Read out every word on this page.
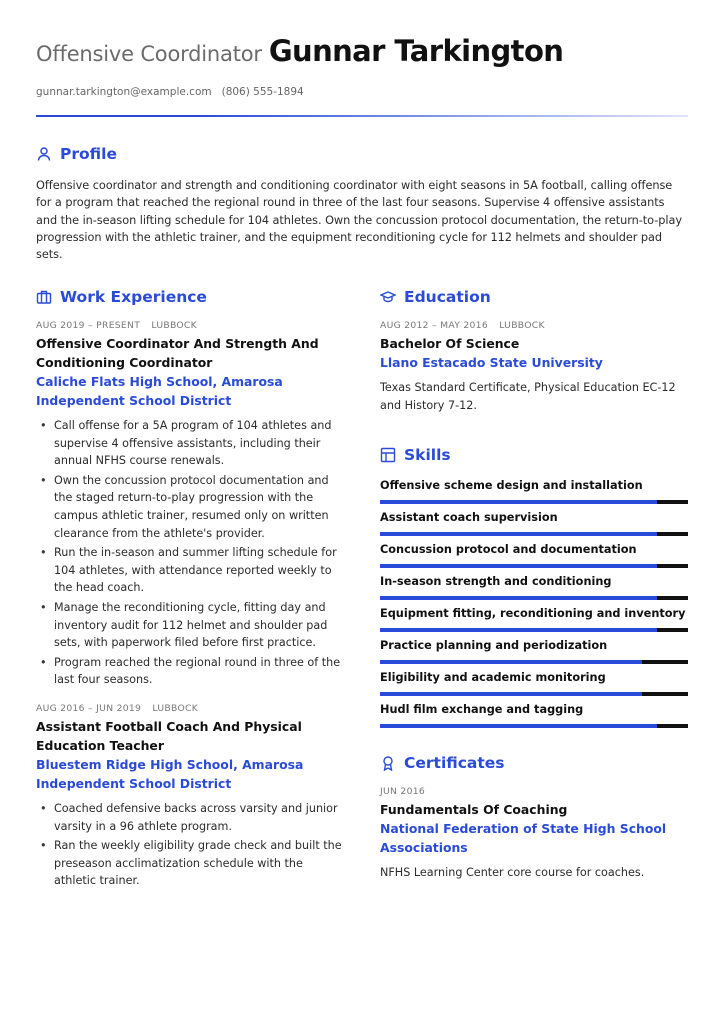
Offensive Coordinator Gunnar Tarkington
gunnar.tarkington@example.com (806) 555-1894
Profile

Offensive coordinator and strength and conditioning coordinator with eight seasons in 5A football, calling offense for a program that reached the regional round in three of the last four seasons. Supervise 4 offensive assistants and the in-season lifting schedule for 104 athletes. Own the concussion protocol documentation, the return-to-play progression with the athletic trainer, and the equipment reconditioning cycle for 112 helmets and shoulder pad sets.

Work Experience
AUG 2019 – PRESENT LUBBOCK
Offensive Coordinator And Strength And Conditioning Coordinator
Caliche Flats High School, Amarosa Independent School District
• Call offense for a 5A program of 104 athletes and supervise 4 offensive assistants, including their annual NFHS course renewals.
• Own the concussion protocol documentation and the staged return-to-play progression with the campus athletic trainer, resumed only on written clearance from the athlete's provider.
• Run the in-season and summer lifting schedule for 104 athletes, with attendance reported weekly to the head coach.
• Manage the reconditioning cycle, fitting day and inventory audit for 112 helmet and shoulder pad sets, with paperwork filed before first practice.
• Program reached the regional round in three of the last four seasons.
AUG 2016 – JUN 2019 LUBBOCK
Assistant Football Coach And Physical Education Teacher
Bluestem Ridge High School, Amarosa Independent School District
• Coached defensive backs across varsity and junior varsity in a 96 athlete program.
• Ran the weekly eligibility grade check and built the preseason acclimatization schedule with the athletic trainer.
Education
AUG 2012 – MAY 2016 LUBBOCK
Bachelor Of Science
Llano Estacado State University

Texas Standard Certificate, Physical Education EC-12 and History 7-12.

Skills
Offensive scheme design and installation
Assistant coach supervision
Concussion protocol and documentation
In-season strength and conditioning
Equipment fitting, reconditioning and inventory
Practice planning and periodization
Eligibility and academic monitoring
Hudl film exchange and tagging
Certificates
JUN 2016
Fundamentals Of Coaching
National Federation of State High School Associations

NFHS Learning Center core course for coaches.
